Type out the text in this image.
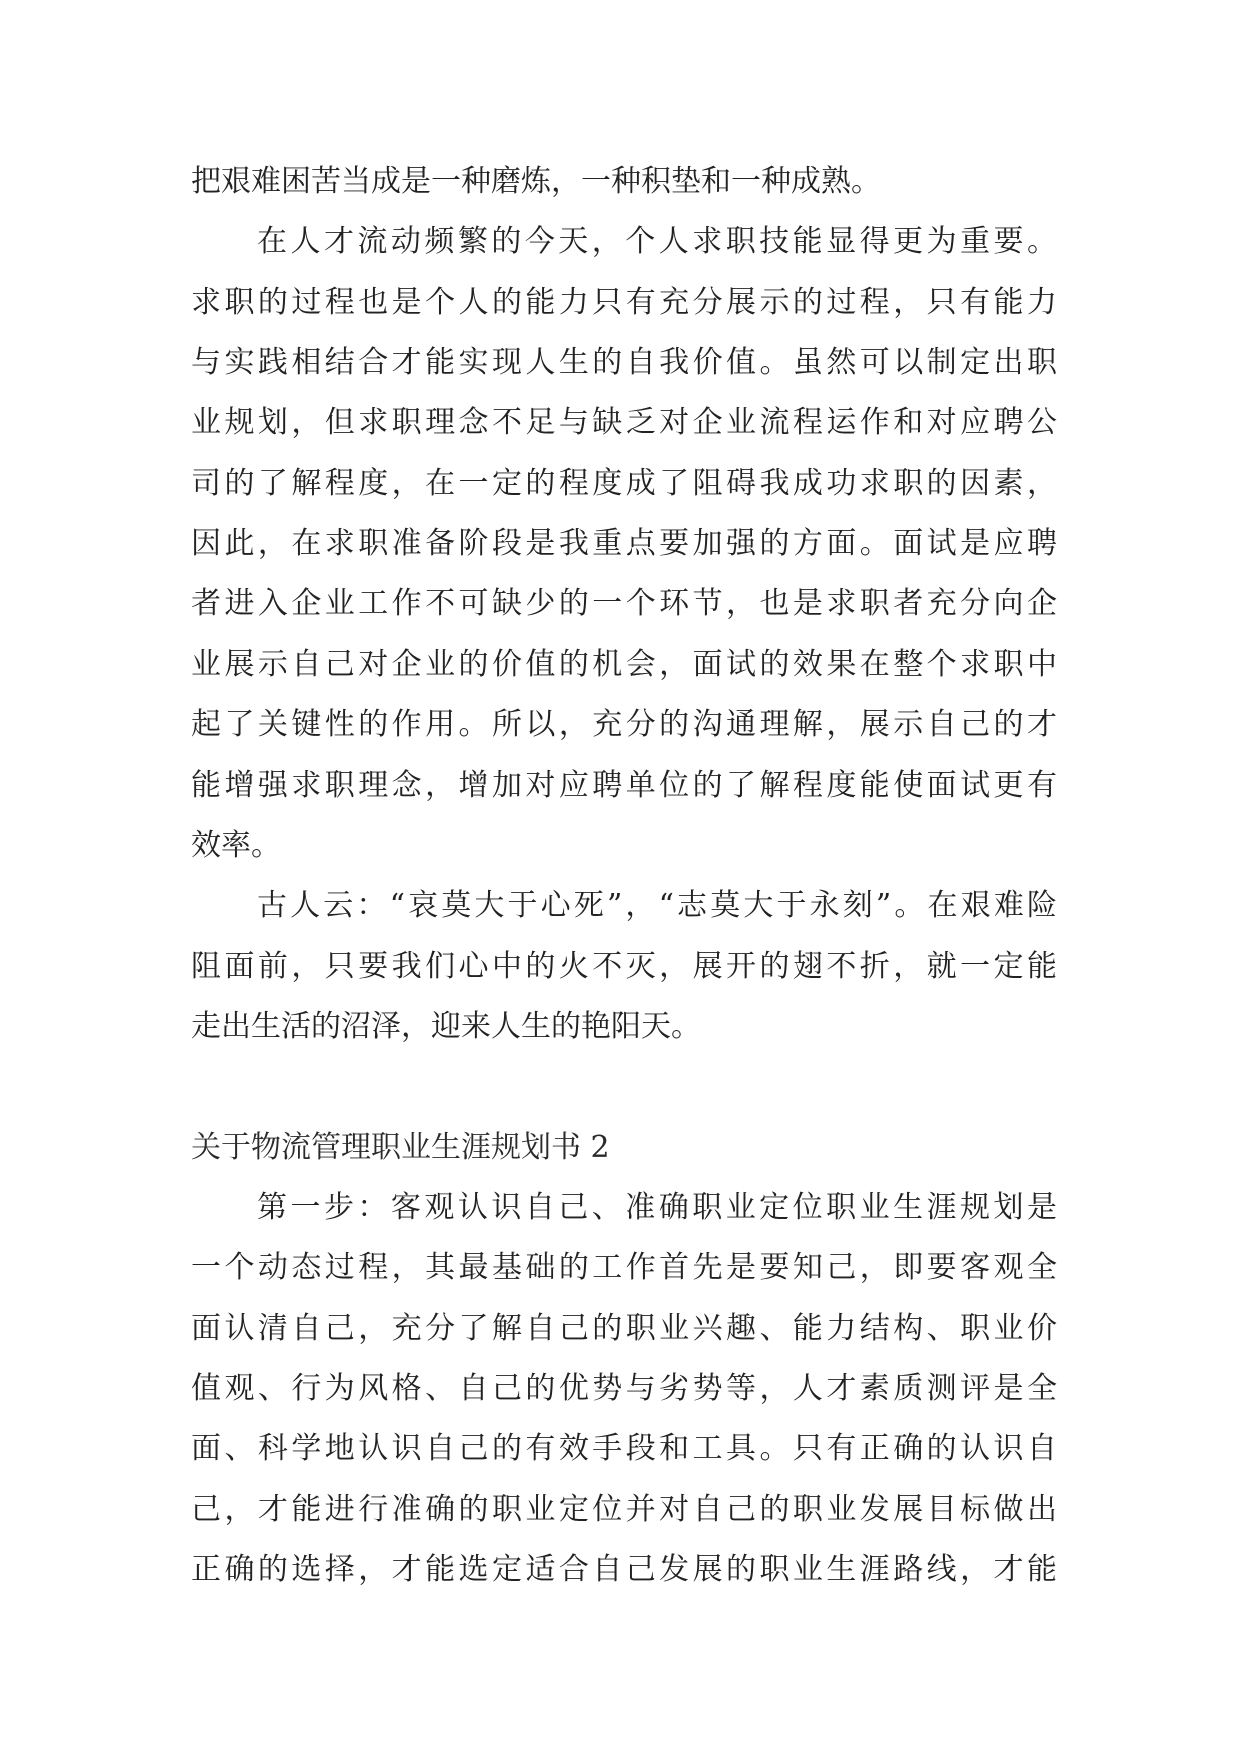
把艰难困苦当成是一种磨炼，一种积垫和一种成熟。
在人才流动频繁的今天，个人求职技能显得更为重要。
求职的过程也是个人的能力只有充分展示的过程，只有能力
与实践相结合才能实现人生的自我价值。虽然可以制定出职
业规划，但求职理念不足与缺乏对企业流程运作和对应聘公
司的了解程度，在一定的程度成了阻碍我成功求职的因素，
因此，在求职准备阶段是我重点要加强的方面。面试是应聘
者进入企业工作不可缺少的一个环节，也是求职者充分向企
业展示自己对企业的价值的机会，面试的效果在整个求职中
起了关键性的作用。所以，充分的沟通理解，展示自己的才
能增强求职理念，增加对应聘单位的了解程度能使面试更有
效率。
古人云：“哀莫大于心死”，“志莫大于永刻”。在艰难险
阻面前，只要我们心中的火不灭，展开的翅不折，就一定能
走出生活的沼泽，迎来人生的艳阳天。
关于物流管理职业生涯规划书 2
第一步：客观认识自己、准确职业定位职业生涯规划是
一个动态过程，其最基础的工作首先是要知己，即要客观全
面认清自己，充分了解自己的职业兴趣、能力结构、职业价
值观、行为风格、自己的优势与劣势等，人才素质测评是全
面、科学地认识自己的有效手段和工具。只有正确的认识自
己，才能进行准确的职业定位并对自己的职业发展目标做出
正确的选择，才能选定适合自己发展的职业生涯路线，才能
